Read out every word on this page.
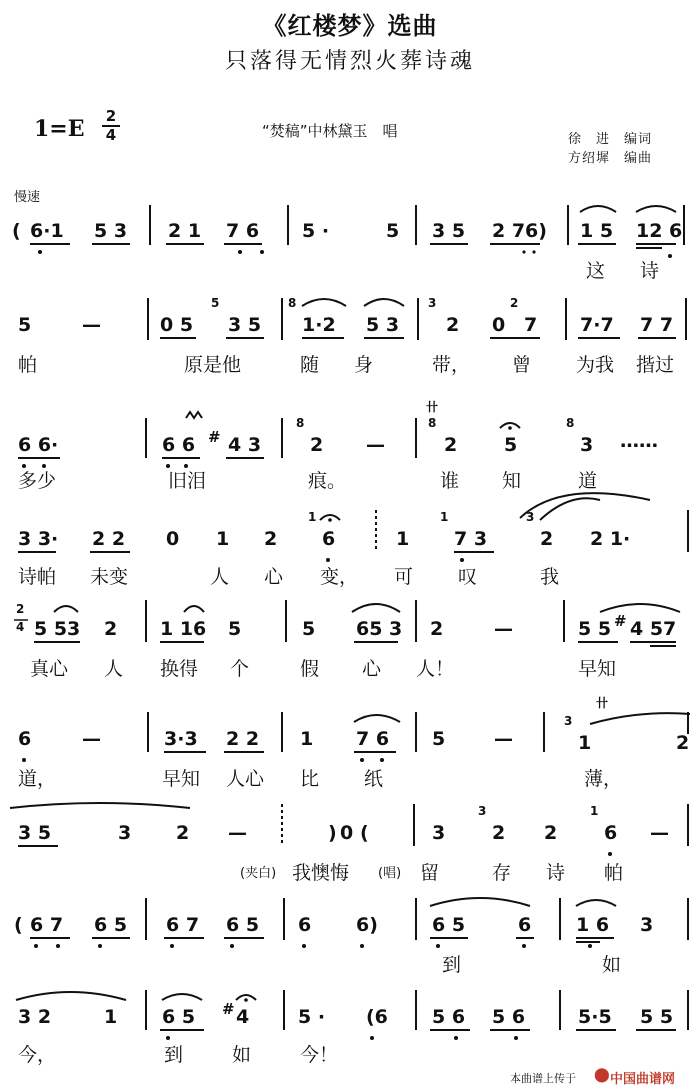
《红楼梦》选曲
只落得无情烈火葬诗魂
1=E	2
4	“焚稿”中林黛玉　唱	徐　进　编词
方绍墀　编曲
慢速
( 6·1 5 3 2 1 7 6 5 ·	5 3 5 2 76) 1 5 12 6
这 诗
5	—	0 5
5
3 5
8
1·2 5 3
3
2 0
2
7 7·7 7 7
帕	原是他	随 身	带， 曾 为我 揩过
6 6·	6 6 # 4 3
8
2 —
卄
8
2 5
8
3 ……
多少	旧泪	痕。	谁 知	道
3 3· 2 2 0 1 2
1
6	1
1
7 3
3
2 2 1·
诗帕 未变	人 心 变， 可 叹	我
2
4 5 53 2 1 16 5	5 65 3 2	—	5 5 # 4 57
真心 人 换得 个	假 心 人！	早知
6	—	3·3 2 2 1 7 6 5	—
卄
3
1	2
道，	早知 人心 比 纸	薄，
3 5	3 2 —	) 0 (	3
3
2 2
1
6 —
(夹白) 我懊悔 (唱) 留	存 诗 帕
( 6 7 6 5 6 7 6 5 6 6)	6 5	6 1 6 3
到	如
3 2	1 6 5 # 4	5 · (6 5 6 5 6	5·5 5 5
今，	到	如	今！
本曲谱上传于 ⬤ 中国曲谱网
